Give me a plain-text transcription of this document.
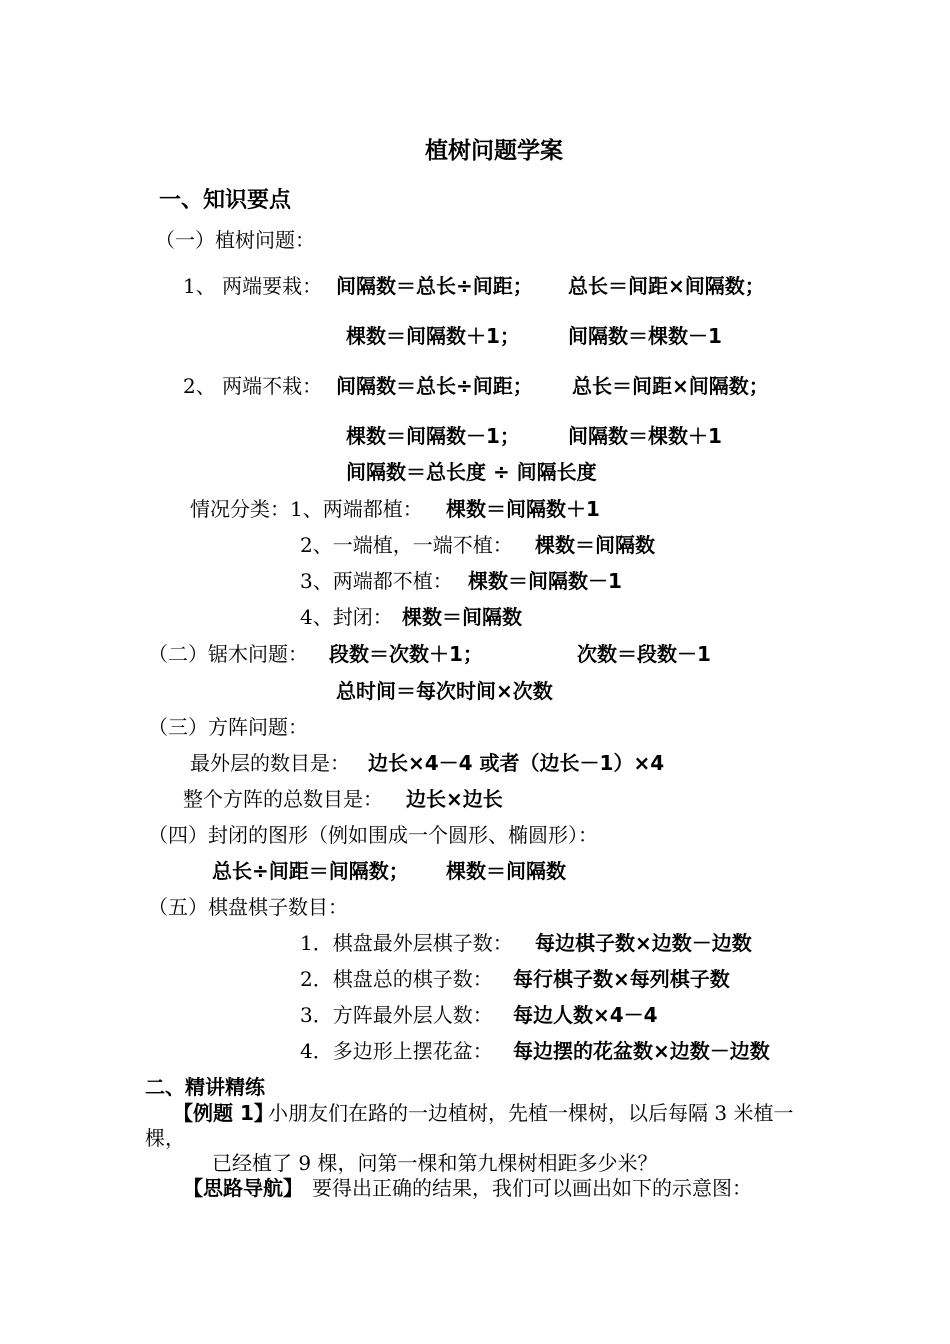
植树问题学案
一、知识要点
（一）植树问题：
1、 两端要栽： 间隔数＝总长÷间距； 总长＝间距×间隔数；
棵数＝间隔数＋1； 间隔数＝棵数－1
2、 两端不栽： 间隔数＝总长÷间距； 总长＝间距×间隔数；
棵数＝间隔数－1； 间隔数＝棵数＋1
间隔数＝总长度 ÷ 间隔长度
情况分类：1、两端都植： 棵数＝间隔数＋1
2、一端植，一端不植： 棵数＝间隔数
3、两端都不植： 棵数＝间隔数－1
4、封闭： 棵数＝间隔数
（二）锯木问题： 段数＝次数＋1；	次数＝段数－1
总时间＝每次时间×次数
（三）方阵问题：
最外层的数目是： 边长×4－4 或者（边长－1）×4
整个方阵的总数目是： 边长×边长
（四）封闭的图形（例如围成一个圆形、椭圆形）：
总长÷间距＝间隔数； 棵数＝间隔数
（五）棋盘棋子数目：
1．棋盘最外层棋子数： 每边棋子数×边数－边数
2．棋盘总的棋子数： 每行棋子数×每列棋子数
3．方阵最外层人数： 每边人数×4－4
4．多边形上摆花盆： 每边摆的花盆数×边数－边数
二、精讲精练
【例题 1】
小朋友们在路的一边植树，先植一棵树，以后每隔 3 米植一
棵，
已经植了 9 棵，问第一棵和第九棵树相距多少米？
【思路导航】 要得出正确的结果，我们可以画出如下的示意图：
